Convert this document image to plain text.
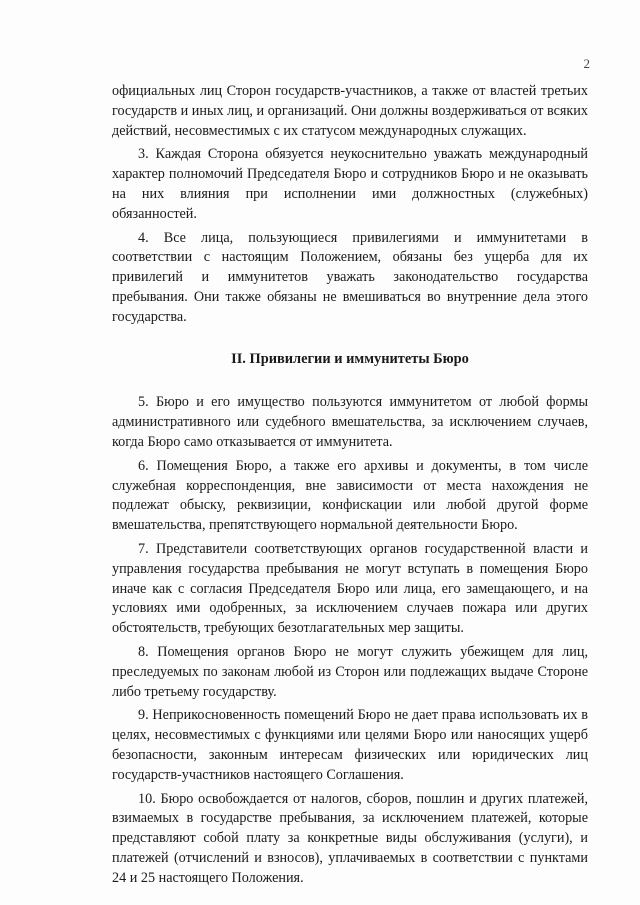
2

официальных лиц Сторон государств-участников, а также от властей третьих государств и иных лиц, и организаций. Они должны воздерживаться от всяких действий, несовместимых с их статусом международных служащих.

3. Каждая Сторона обязуется неукоснительно уважать международный характер полномочий Председателя Бюро и сотрудников Бюро и не оказывать на них влияния при исполнении ими должностных (служебных) обязанностей.

4. Все лица, пользующиеся привилегиями и иммунитетами в соответствии с настоящим Положением, обязаны без ущерба для их привилегий и иммунитетов уважать законодательство государства пребывания. Они также обязаны не вмешиваться во внутренние дела этого государства.

II. Привилегии и иммунитеты Бюро

5. Бюро и его имущество пользуются иммунитетом от любой формы административного или судебного вмешательства, за исключением случаев, когда Бюро само отказывается от иммунитета.

6. Помещения Бюро, а также его архивы и документы, в том числе служебная корреспонденция, вне зависимости от места нахождения не подлежат обыску, реквизиции, конфискации или любой другой форме вмешательства, препятствующего нормальной деятельности Бюро.

7. Представители соответствующих органов государственной власти и управления государства пребывания не могут вступать в помещения Бюро иначе как с согласия Председателя Бюро или лица, его замещающего, и на условиях ими одобренных, за исключением случаев пожара или других обстоятельств, требующих безотлагательных мер защиты.

8. Помещения органов Бюро не могут служить убежищем для лиц, преследуемых по законам любой из Сторон или подлежащих выдаче Стороне либо третьему государству.

9. Неприкосновенность помещений Бюро не дает права использовать их в целях, несовместимых с функциями или целями Бюро или наносящих ущерб безопасности, законным интересам физических или юридических лиц государств-участников настоящего Соглашения.

10. Бюро освобождается от налогов, сборов, пошлин и других платежей, взимаемых в государстве пребывания, за исключением платежей, которые представляют собой плату за конкретные виды обслуживания (услуги), и платежей (отчислений и взносов), уплачиваемых в соответствии с пунктами 24 и 25 настоящего Положения.
